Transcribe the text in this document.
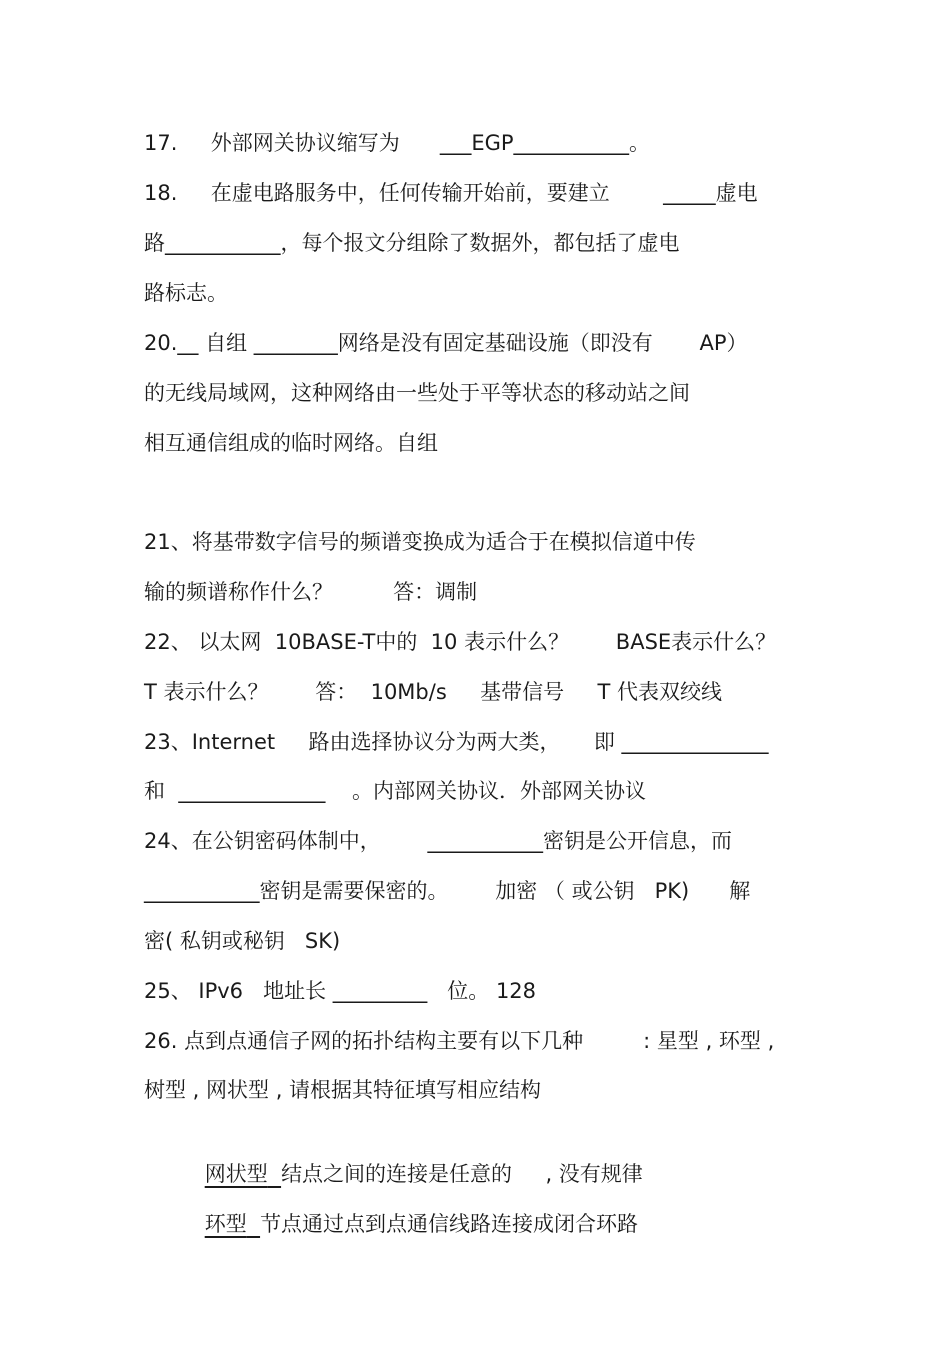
17.     外部网关协议缩写为      ___EGP___________。
18.     在虚电路服务中，任何传输开始前，要建立        _____虚电
路___________，每个报文分组除了数据外，都包括了虚电
路标志。
20.__ 自组 ________网络是没有固定基础设施（即没有       AP）
的无线局域网，这种网络由一些处于平等状态的移动站之间
相互通信组成的临时网络。自组
21、将基带数字信号的频谱变换成为适合于在模拟信道中传
输的频谱称作什么？         答：调制
22、 以太网  10BASE-T中的  10 表示什么？       BASE表示什么？
T 表示什么？       答：  10Mb/s     基带信号     T 代表双绞线
23、Internet     路由选择协议分为两大类，     即 ______________
和  ______________    。内部网关协议．外部网关协议
24、在公钥密码体制中，       ___________密钥是公开信息，而
___________密钥是需要保密的。       加密 （ 或公钥   PK)      解
密( 私钥或秘钥   SK)
25、 IPv6   地址长 _________   位。 128
26. 点到点通信子网的拓扑结构主要有以下几种         : 星型 , 环型 ,
树型 , 网状型 , 请根据其特征填写相应结构

网状型 结点之间的连接是任意的     , 没有规律

环型 节点通过点到点通信线路连接成闭合环路
